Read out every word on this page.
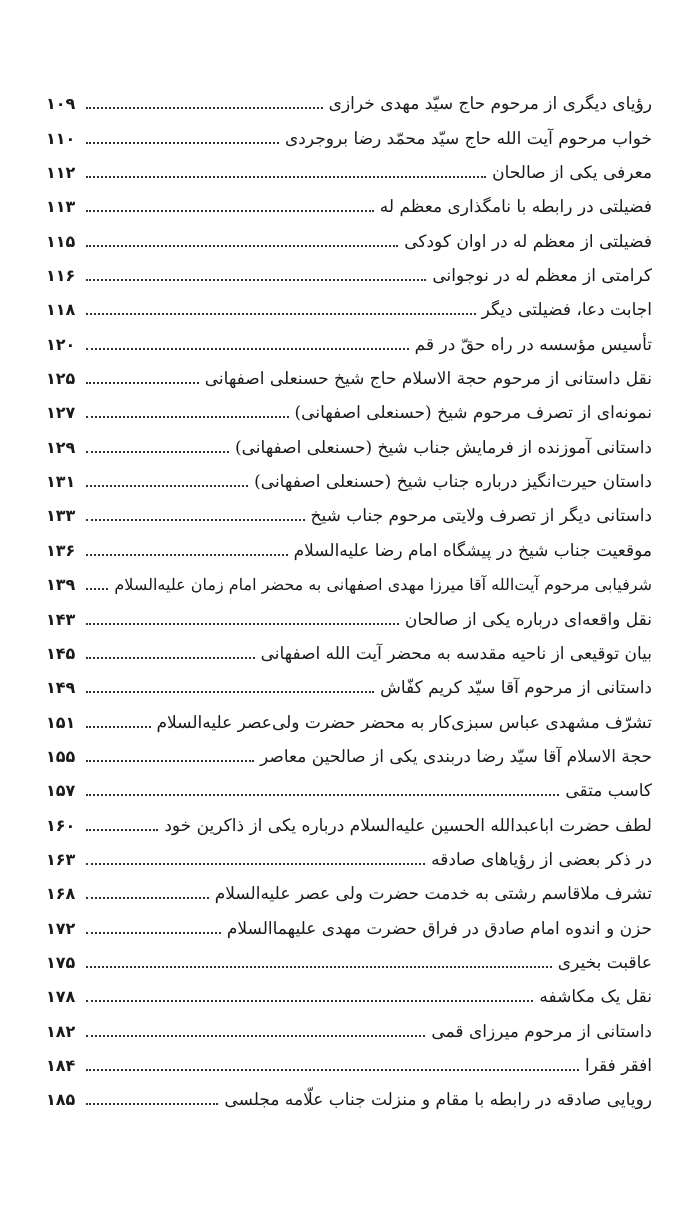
رؤیای دیگری از مرحوم حاج سیّد مهدی خرازی
۱۰۹
خواب مرحوم آیت الله حاج سیّد محمّد رضا بروجردی
۱۱۰
معرفی یکی از صالحان
۱۱۲
فضیلتی در رابطه با نامگذاری معظم له
۱۱۳
فضیلتی از معظم له در اوان کودکی
۱۱۵
کرامتی از معظم له در نوجوانی
۱۱۶
اجابت دعا، فضیلتی دیگر
۱۱۸
تأسیس مؤسسه در راه حقّ در قم
۱۲۰
نقل داستانی از مرحوم حجة الاسلام حاج شیخ حسنعلی اصفهانی
۱۲۵
نمونه‌ای از تصرف مرحوم شیخ (حسنعلی اصفهانی)
۱۲۷
داستانی آموزنده از فرمایش جناب شیخ (حسنعلی اصفهانی)
۱۲۹
داستان حیرت‌انگیز درباره جناب شیخ (حسنعلی اصفهانی)
۱۳۱
داستانی دیگر از تصرف ولایتی مرحوم جناب شیخ
۱۳۳
موقعیت جناب شیخ در پیشگاه امام رضا علیه‌السلام
۱۳۶
شرفیابی مرحوم آیت‌الله آقا میرزا مهدی اصفهانی به محضر امام زمان علیه‌السلام
۱۳۹
نقل واقعه‌ای درباره یکی از صالحان
۱۴۳
بیان توقیعی از ناحیه مقدسه به محضر آیت الله اصفهانی
۱۴۵
داستانی از مرحوم آقا سیّد کریم کفّاش
۱۴۹
تشرّف مشهدی عباس سبزی‌کار به محضر حضرت ولی‌عصر علیه‌السلام
۱۵۱
حجة الاسلام آقا سیّد رضا دربندی یکی از صالحین معاصر
۱۵۵
کاسب متقی
۱۵۷
لطف حضرت اباعبدالله الحسین علیه‌السلام درباره یکی از ذاکرین خود
۱۶۰
در ذکر بعضی از رؤیاهای صادقه
۱۶۳
تشرف ملاقاسم رشتی به خدمت حضرت ولی عصر علیه‌السلام
۱۶۸
حزن و اندوه امام صادق در فراق حضرت مهدی علیهما‌السلام
۱۷۲
عاقبت بخیری
۱۷۵
نقل یک مکاشفه
۱۷۸
داستانی از مرحوم میرزای قمی
۱۸۲
افقر فقرا
۱۸۴
رویایی صادقه در رابطه با مقام و منزلت جناب علّامه مجلسی
۱۸۵
